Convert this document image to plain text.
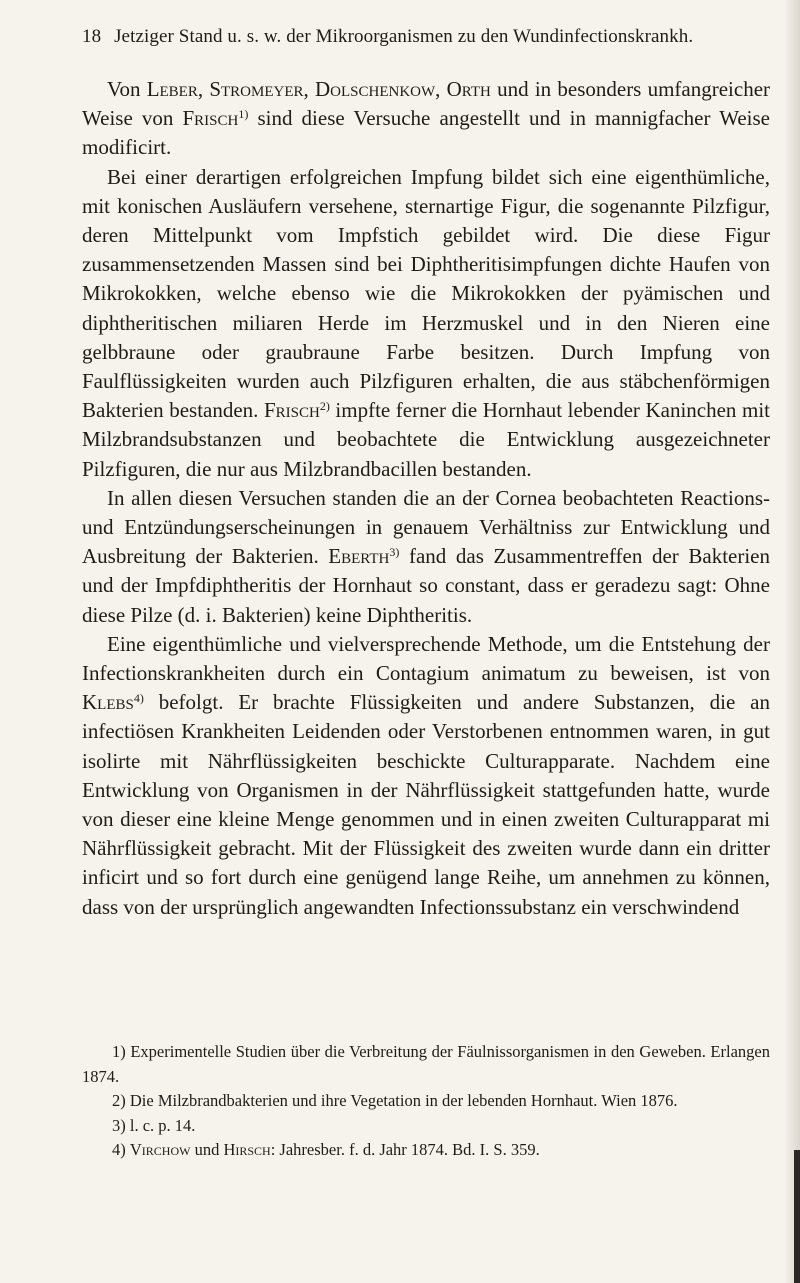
18 Jetziger Stand u. s. w. der Mikroorganismen zu den Wundinfectionskrankh.

Von Leber, Stromeyer, Dolschenkow, Orth und in besonders umfangreicher Weise von Frisch$^{1)}$ sind diese Versuche angestellt und in mannigfacher Weise modificirt.

Bei einer derartigen erfolgreichen Impfung bildet sich eine eigenthümliche, mit konischen Ausläufern versehene, sternartige Figur, die sogenannte Pilzfigur, deren Mittelpunkt vom Impfstich gebildet wird. Die diese Figur zusammensetzenden Massen sind bei Diphtheritisimpfungen dichte Haufen von Mikrokokken, welche ebenso wie die Mikrokokken der pyämischen und diphtheritischen miliaren Herde im Herzmuskel und in den Nieren eine gelbbraune oder graubraune Farbe besitzen. Durch Impfung von Faulflüssigkeiten wurden auch Pilzfiguren erhalten, die aus stäbchenförmigen Bakterien bestanden. Frisch$^{2)}$ impfte ferner die Hornhaut lebender Kaninchen mit Milzbrandsubstanzen und beobachtete die Entwicklung ausgezeichneter Pilzfiguren, die nur aus Milzbrandbacillen bestanden.

In allen diesen Versuchen standen die an der Cornea beobachteten Reactions- und Entzündungserscheinungen in genauem Verhältniss zur Entwicklung und Ausbreitung der Bakterien. Eberth$^{3)}$ fand das Zusammentreffen der Bakterien und der Impfdiphtheritis der Hornhaut so constant, dass er geradezu sagt: Ohne diese Pilze (d. i. Bakterien) keine Diphtheritis.

Eine eigenthümliche und vielversprechende Methode, um die Entstehung der Infectionskrankheiten durch ein Contagium animatum zu beweisen, ist von Klebs$^{4)}$ befolgt. Er brachte Flüssigkeiten und andere Substanzen, die an infectiösen Krankheiten Leidenden oder Verstorbenen entnommen waren, in gut isolirte mit Nährflüssigkeiten beschickte Culturapparate. Nachdem eine Entwicklung von Organismen in der Nährflüssigkeit stattgefunden hatte, wurde von dieser eine kleine Menge genommen und in einen zweiten Culturapparat mi Nährflüssigkeit gebracht. Mit der Flüssigkeit des zweiten wurde dann ein dritter inficirt und so fort durch eine genügend lange Reihe, um annehmen zu können, dass von der ursprünglich angewandten Infectionssubstanz ein verschwindend

1) Experimentelle Studien über die Verbreitung der Fäulnissorganismen in den Geweben. Erlangen 1874.

2) Die Milzbrandbakterien und ihre Vegetation in der lebenden Hornhaut. Wien 1876.

3) l. c. p. 14.

4) Virchow und Hirsch: Jahresber. f. d. Jahr 1874. Bd. I. S. 359.
